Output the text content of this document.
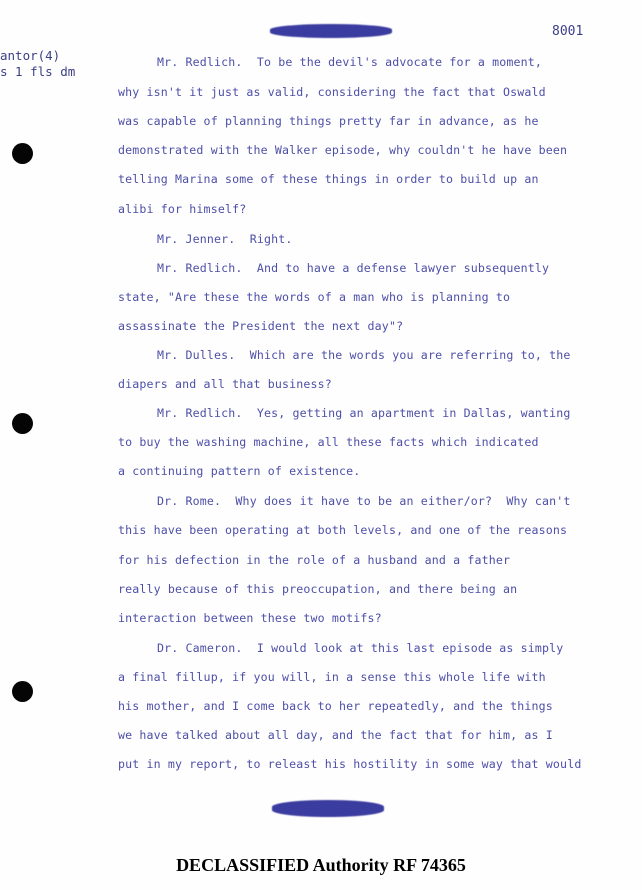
8001
antor(4)
s 1 fls dm
Mr. Redlich.  To be the devil's advocate for a moment,
why isn't it just as valid, considering the fact that Oswald
was capable of planning things pretty far in advance, as he
demonstrated with the Walker episode, why couldn't he have been
telling Marina some of these things in order to build up an
alibi for himself?
Mr. Jenner.  Right.
Mr. Redlich.  And to have a defense lawyer subsequently
state, "Are these the words of a man who is planning to
assassinate the President the next day"?
Mr. Dulles.  Which are the words you are referring to, the
diapers and all that business?
Mr. Redlich.  Yes, getting an apartment in Dallas, wanting
to buy the washing machine, all these facts which indicated
a continuing pattern of existence.
Dr. Rome.  Why does it have to be an either/or?  Why can't
this have been operating at both levels, and one of the reasons
for his defection in the role of a husband and a father
really because of this preoccupation, and there being an
interaction between these two motifs?
Dr. Cameron.  I would look at this last episode as simply
a final fillup, if you will, in a sense this whole life with
his mother, and I come back to her repeatedly, and the things
we have talked about all day, and the fact that for him, as I
put in my report, to releast his hostility in some way that would
DECLASSIFIED Authority RF 74365
